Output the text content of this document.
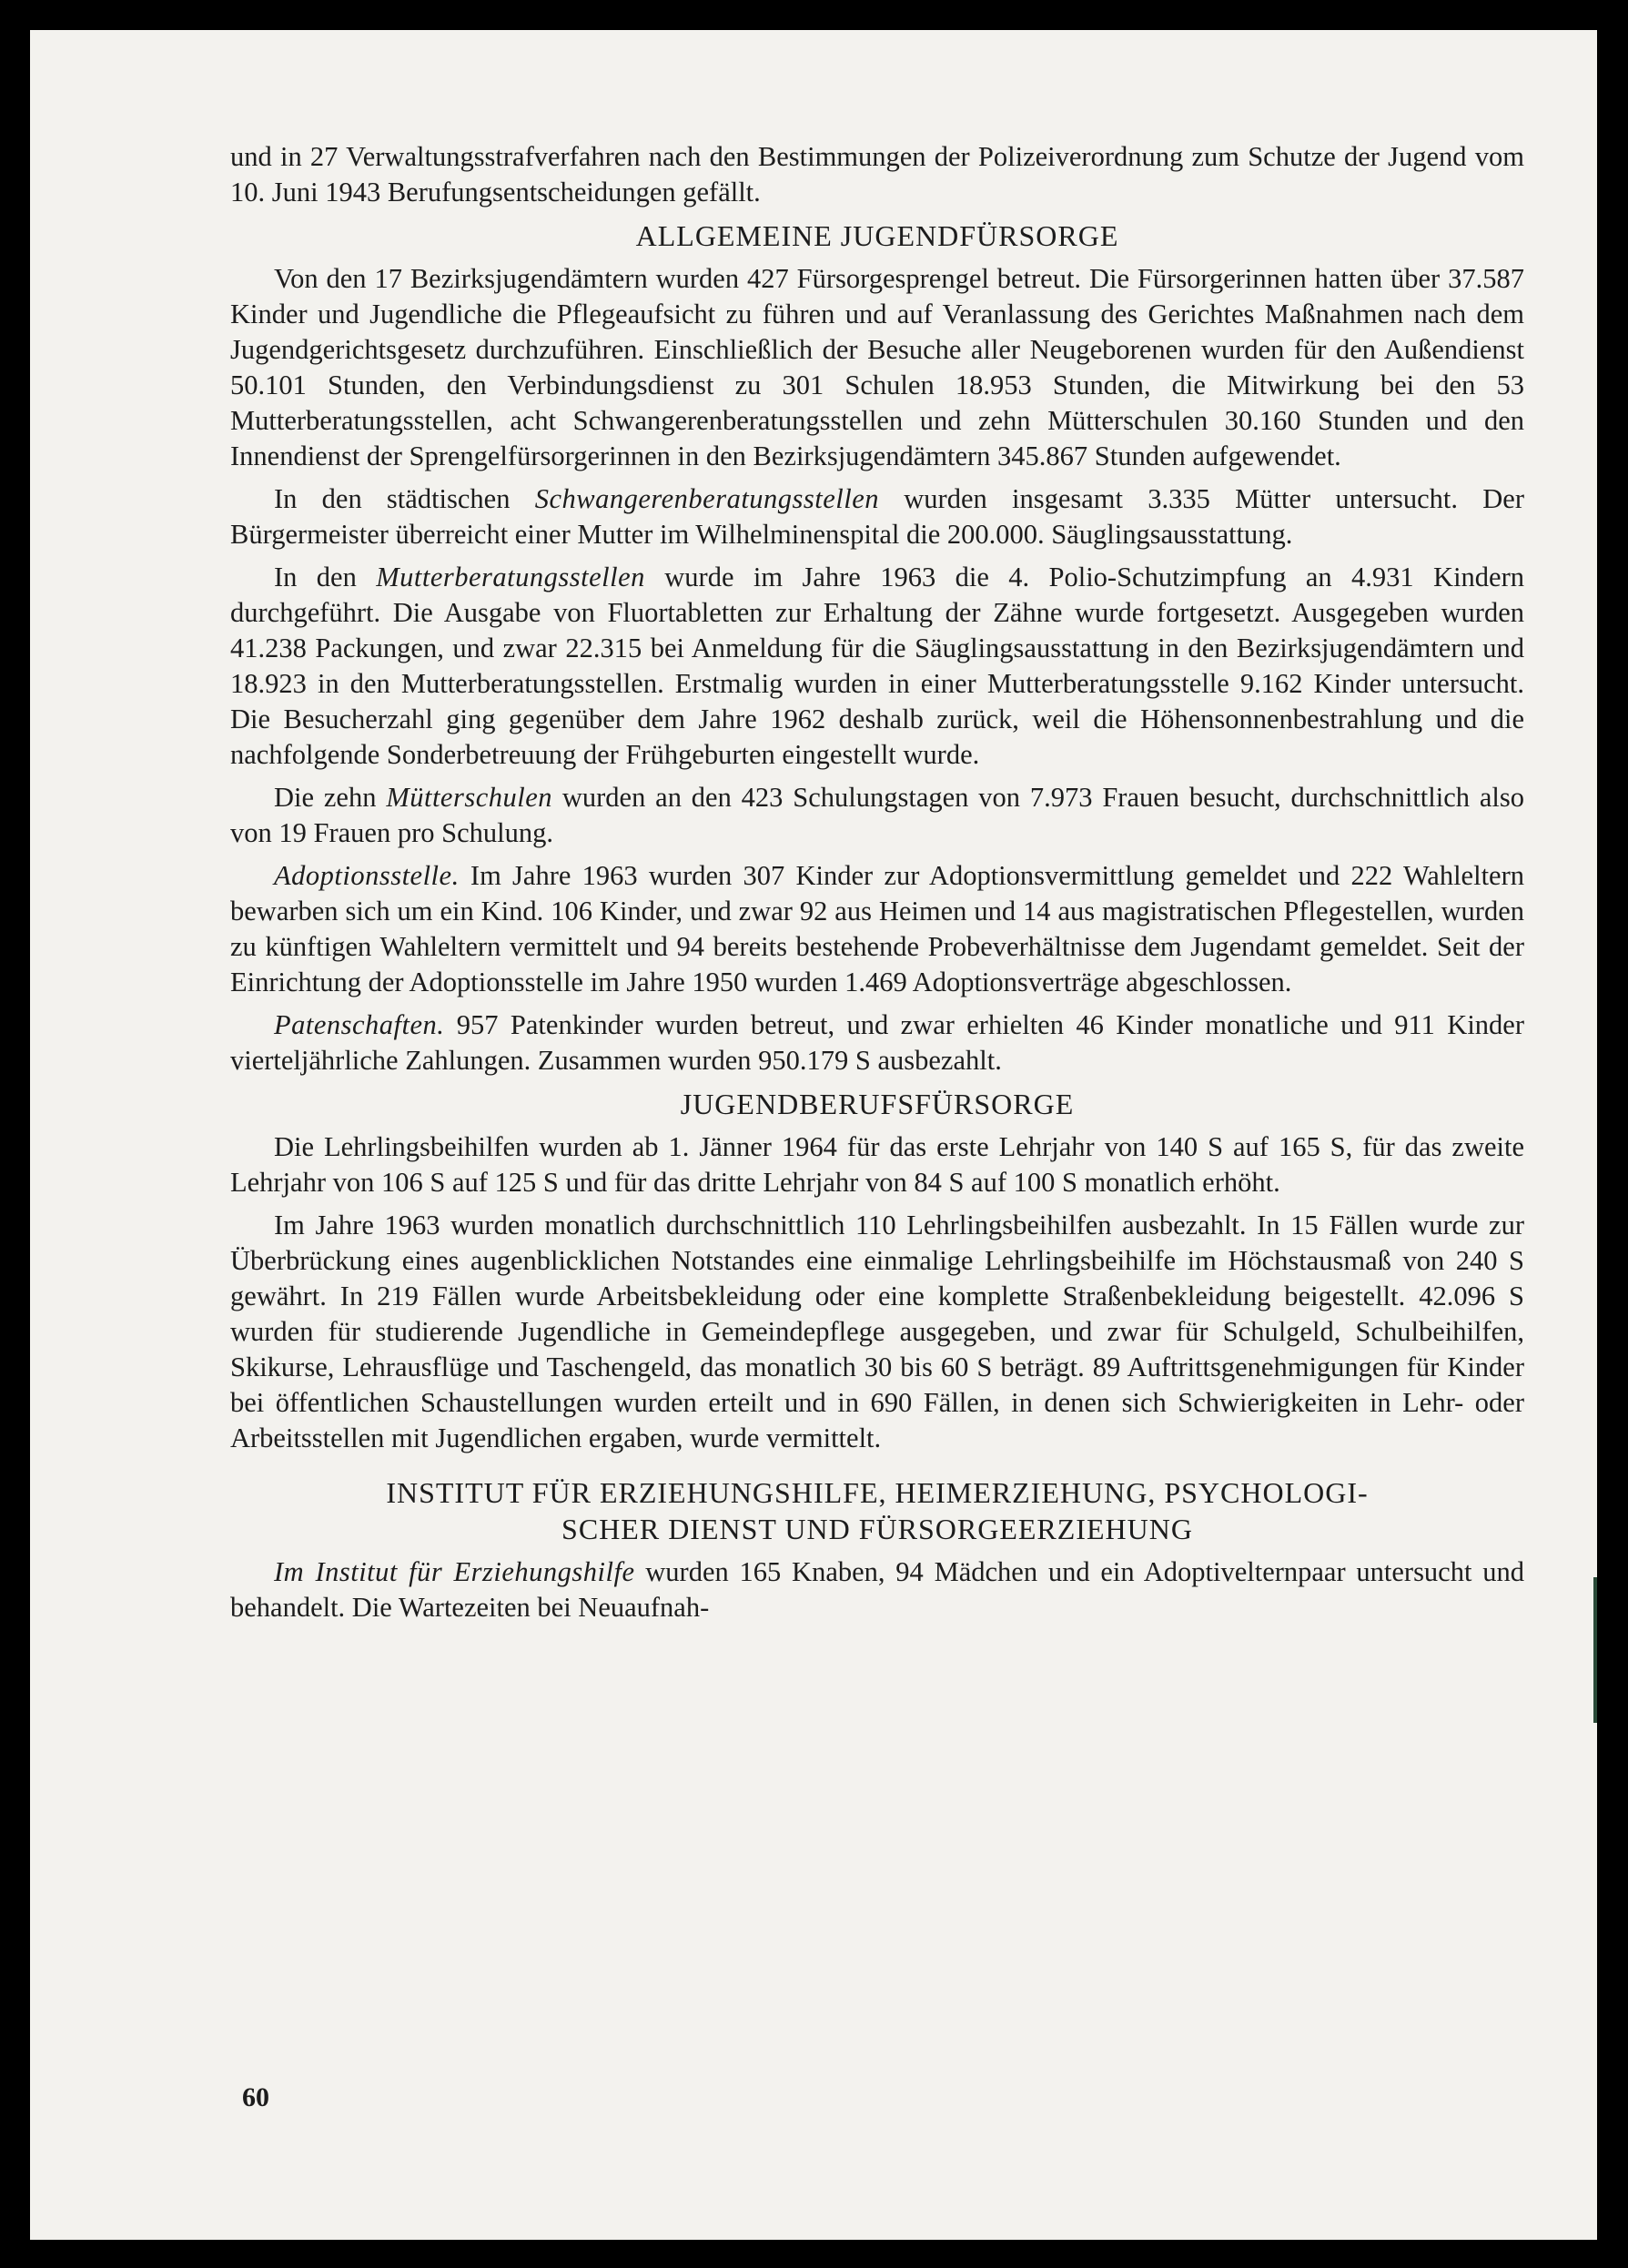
und in 27 Verwaltungsstrafverfahren nach den Bestimmungen der Polizeiverordnung zum Schutze der Jugend vom 10. Juni 1943 Berufungsentscheidungen gefällt.

ALLGEMEINE JUGENDFÜRSORGE

Von den 17 Bezirksjugendämtern wurden 427 Fürsorgesprengel betreut. Die Fürsorgerinnen hatten über 37.587 Kinder und Jugendliche die Pflegeaufsicht zu führen und auf Veranlassung des Gerichtes Maßnahmen nach dem Jugendgerichtsgesetz durchzuführen. Einschließlich der Besuche aller Neugeborenen wurden für den Außendienst 50.101 Stunden, den Verbindungsdienst zu 301 Schulen 18.953 Stunden, die Mitwirkung bei den 53 Mutterberatungsstellen, acht Schwangerenberatungsstellen und zehn Mütterschulen 30.160 Stunden und den Innendienst der Sprengelfürsorgerinnen in den Bezirksjugendämtern 345.867 Stunden aufgewendet.

In den städtischen Schwangerenberatungsstellen wurden insgesamt 3.335 Mütter untersucht. Der Bürgermeister überreicht einer Mutter im Wilhelminenspital die 200.000. Säuglingsausstattung.

In den Mutterberatungsstellen wurde im Jahre 1963 die 4. Polio-Schutzimpfung an 4.931 Kindern durchgeführt. Die Ausgabe von Fluortabletten zur Erhaltung der Zähne wurde fortgesetzt. Ausgegeben wurden 41.238 Packungen, und zwar 22.315 bei Anmeldung für die Säuglingsausstattung in den Bezirksjugendämtern und 18.923 in den Mutterberatungsstellen. Erstmalig wurden in einer Mutterberatungsstelle 9.162 Kinder untersucht. Die Besucherzahl ging gegenüber dem Jahre 1962 deshalb zurück, weil die Höhensonnenbestrahlung und die nachfolgende Sonderbetreuung der Frühgeburten eingestellt wurde.

Die zehn Mütterschulen wurden an den 423 Schulungstagen von 7.973 Frauen besucht, durchschnittlich also von 19 Frauen pro Schulung.

Adoptionsstelle. Im Jahre 1963 wurden 307 Kinder zur Adoptionsvermittlung gemeldet und 222 Wahleltern bewarben sich um ein Kind. 106 Kinder, und zwar 92 aus Heimen und 14 aus magistratischen Pflegestellen, wurden zu künftigen Wahleltern vermittelt und 94 bereits bestehende Probeverhältnisse dem Jugendamt gemeldet. Seit der Einrichtung der Adoptionsstelle im Jahre 1950 wurden 1.469 Adoptionsverträge abgeschlossen.

Patenschaften. 957 Patenkinder wurden betreut, und zwar erhielten 46 Kinder monatliche und 911 Kinder vierteljährliche Zahlungen. Zusammen wurden 950.179 S ausbezahlt.

JUGENDBERUFSFÜRSORGE

Die Lehrlingsbeihilfen wurden ab 1. Jänner 1964 für das erste Lehrjahr von 140 S auf 165 S, für das zweite Lehrjahr von 106 S auf 125 S und für das dritte Lehrjahr von 84 S auf 100 S monatlich erhöht.

Im Jahre 1963 wurden monatlich durchschnittlich 110 Lehrlingsbeihilfen ausbezahlt. In 15 Fällen wurde zur Überbrückung eines augenblicklichen Notstandes eine einmalige Lehrlingsbeihilfe im Höchstausmaß von 240 S gewährt. In 219 Fällen wurde Arbeitsbekleidung oder eine komplette Straßenbekleidung beigestellt. 42.096 S wurden für studierende Jugendliche in Gemeindepflege ausgegeben, und zwar für Schulgeld, Schulbeihilfen, Skikurse, Lehrausflüge und Taschengeld, das monatlich 30 bis 60 S beträgt. 89 Auftrittsgenehmigungen für Kinder bei öffentlichen Schaustellungen wurden erteilt und in 690 Fällen, in denen sich Schwierigkeiten in Lehr- oder Arbeitsstellen mit Jugendlichen ergaben, wurde vermittelt.

INSTITUT FÜR ERZIEHUNGSHILFE, HEIMERZIEHUNG, PSYCHOLOGI-
SCHER DIENST UND FÜRSORGEERZIEHUNG

Im Institut für Erziehungshilfe wurden 165 Knaben, 94 Mädchen und ein Adoptivelternpaar untersucht und behandelt. Die Wartezeiten bei Neuaufnah-

60
